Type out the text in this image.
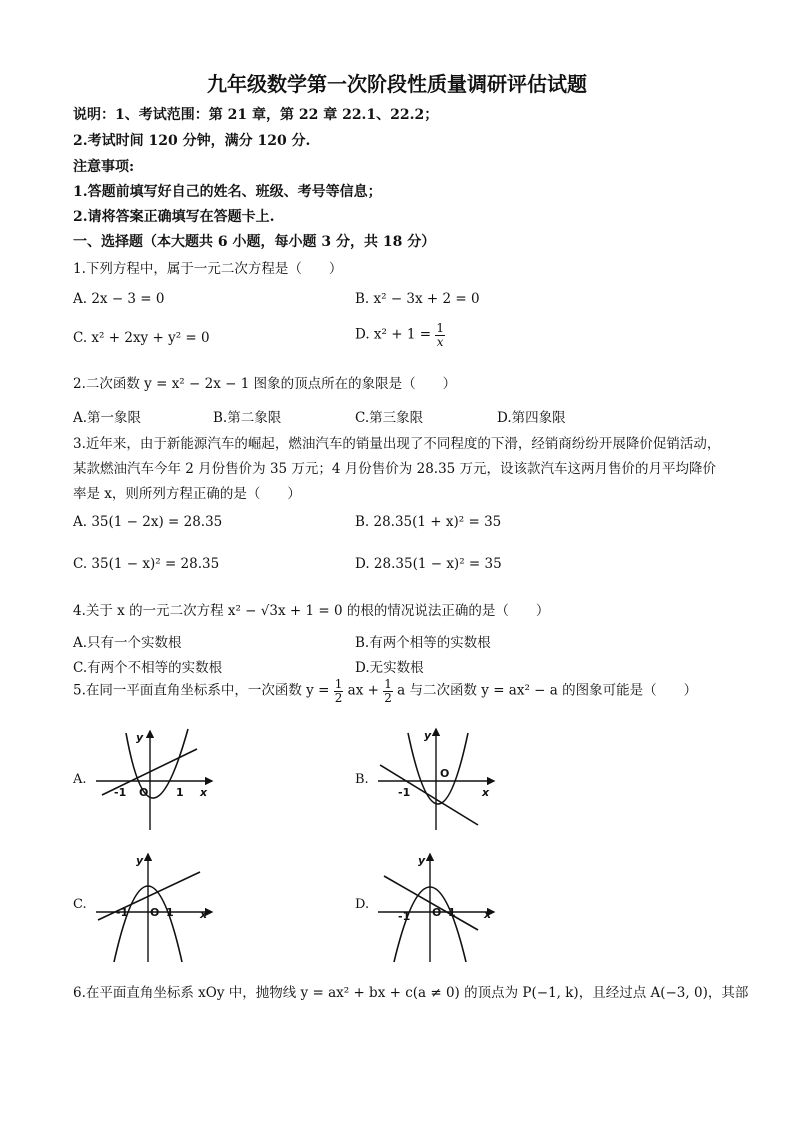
九年级数学第一次阶段性质量调研评估试题
说明：1、考试范围：第 21 章，第 22 章 22.1、22.2；
2.考试时间 120 分钟，满分 120 分.
注意事项:
1.答题前填写好自己的姓名、班级、考号等信息；
2.请将答案正确填写在答题卡上.
一、选择题（本大题共 6 小题，每小题 3 分，共 18 分）
1.下列方程中，属于一元二次方程是（　　）
A. 2x − 3 = 0	B. x² − 3x + 2 = 0
C. x² + 2xy + y² = 0	D. $x^2 + 1 = \frac{1}{x}$
2.二次函数 y = x² − 2x − 1 图象的顶点所在的象限是（　　）
A.第一象限	B.第二象限	C.第三象限	D.第四象限
3.近年来，由于新能源汽车的崛起，燃油汽车的销量出现了不同程度的下滑，经销商纷纷开展降价促销活动，
某款燃油汽车今年 2 月份售价为 35 万元；4 月份售价为 28.35 万元，设该款汽车这两月售价的月平均降价
率是 x，则所列方程正确的是（　　）
A. 35(1 − 2x) = 28.35	B. 28.35(1 + x)² = 35
C. 35(1 − x)² = 28.35	D. 28.35(1 − x)² = 35
4.关于 x 的一元二次方程 x² − √3x + 1 = 0 的根的情况说法正确的是（　　）
A.只有一个实数根	B.有两个相等的实数根
C.有两个不相等的实数根	D.无实数根
5.在同一平面直角坐标系中，一次函数 $y = \frac{1}{2}$ ax + $\frac{1}{2}$ a 与二次函数 y = ax² − a 的图象可能是（　　）
A.	B.
C.	D.
y
x
O
-1	1
y
x
O
-1
y
x
O
-1	1
y
x
O
-1	1
6.在平面直角坐标系 xOy 中，抛物线 y = ax² + bx + c(a ≠ 0) 的顶点为 P(−1, k)，且经过点 A(−3, 0)，其部
